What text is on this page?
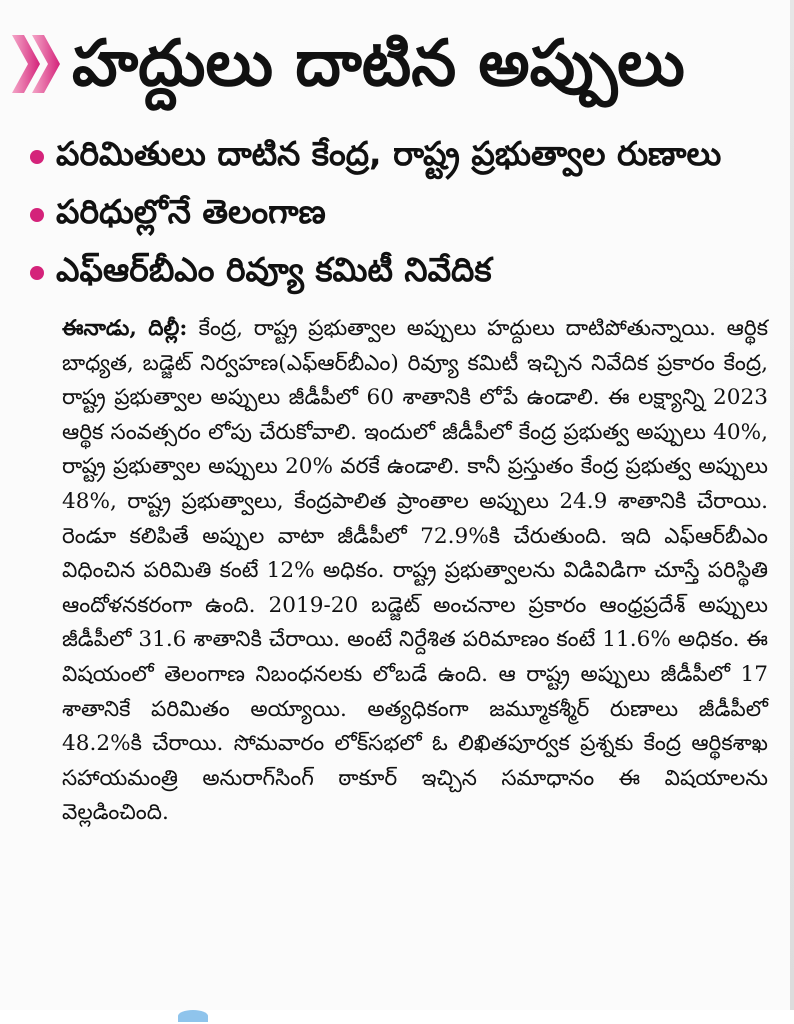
హద్దులు దాటిన అప్పులు
పరిమితులు దాటిన కేంద్ర, రాష్ట్ర ప్రభుత్వాల రుణాలు
పరిధుల్లోనే తెలంగాణ
ఎఫ్‌ఆర్‌బీఎం రివ్యూ కమిటీ నివేదిక
ఈనాడు, దిల్లీ: కేంద్ర, రాష్ట్ర ప్రభుత్వాల అప్పులు హద్దులు దాటిపోతున్నాయి. ఆర్థిక బాధ్యత, బడ్జెట్ నిర్వహణ(ఎఫ్‌ఆర్‌బీఎం) రివ్యూ కమిటీ ఇచ్చిన నివేదిక ప్రకారం కేంద్ర, రాష్ట్ర ప్రభుత్వాల అప్పులు జీడీపీలో 60 శాతానికి లోపే ఉండాలి. ఈ లక్ష్యాన్ని 2023 ఆర్థిక సంవత్సరం లోపు చేరుకోవాలి. ఇందులో జీడీపీలో కేంద్ర ప్రభుత్వ అప్పులు 40%, రాష్ట్ర ప్రభుత్వాల అప్పులు 20% వరకే ఉండాలి. కానీ ప్రస్తుతం కేంద్ర ప్రభుత్వ అప్పులు 48%, రాష్ట్ర ప్రభుత్వాలు, కేంద్రపాలిత ప్రాంతాల అప్పులు 24.9 శాతానికి చేరాయి. రెండూ కలిపితే అప్పుల వాటా జీడీపీలో 72.9%కి చేరుతుంది. ఇది ఎఫ్‌ఆర్‌బీఎం విధించిన పరిమితి కంటే 12% అధికం. రాష్ట్ర ప్రభుత్వాలను విడివిడిగా చూస్తే పరిస్థితి ఆందోళనకరంగా ఉంది. 2019-20 బడ్జెట్ అంచనాల ప్రకారం ఆంధ్రప్రదేశ్ అప్పులు జీడీపీలో 31.6 శాతానికి చేరాయి. అంటే నిర్దేశిత పరిమాణం కంటే 11.6% అధికం. ఈ విషయంలో తెలంగాణ నిబంధనలకు లోబడే ఉంది. ఆ రాష్ట్ర అప్పులు జీడీపీలో 17 శాతానికే పరిమితం అయ్యాయి. అత్యధికంగా జమ్మూకశ్మీర్ రుణాలు జీడీపీలో 48.2%కి చేరాయి. సోమవారం లోక్‌సభలో ఓ లిఖితపూర్వక ప్రశ్నకు కేంద్ర ఆర్థికశాఖ సహాయమంత్రి అనురాగ్‌సింగ్ ఠాకూర్ ఇచ్చిన సమాధానం ఈ విషయాలను వెల్లడించింది.
